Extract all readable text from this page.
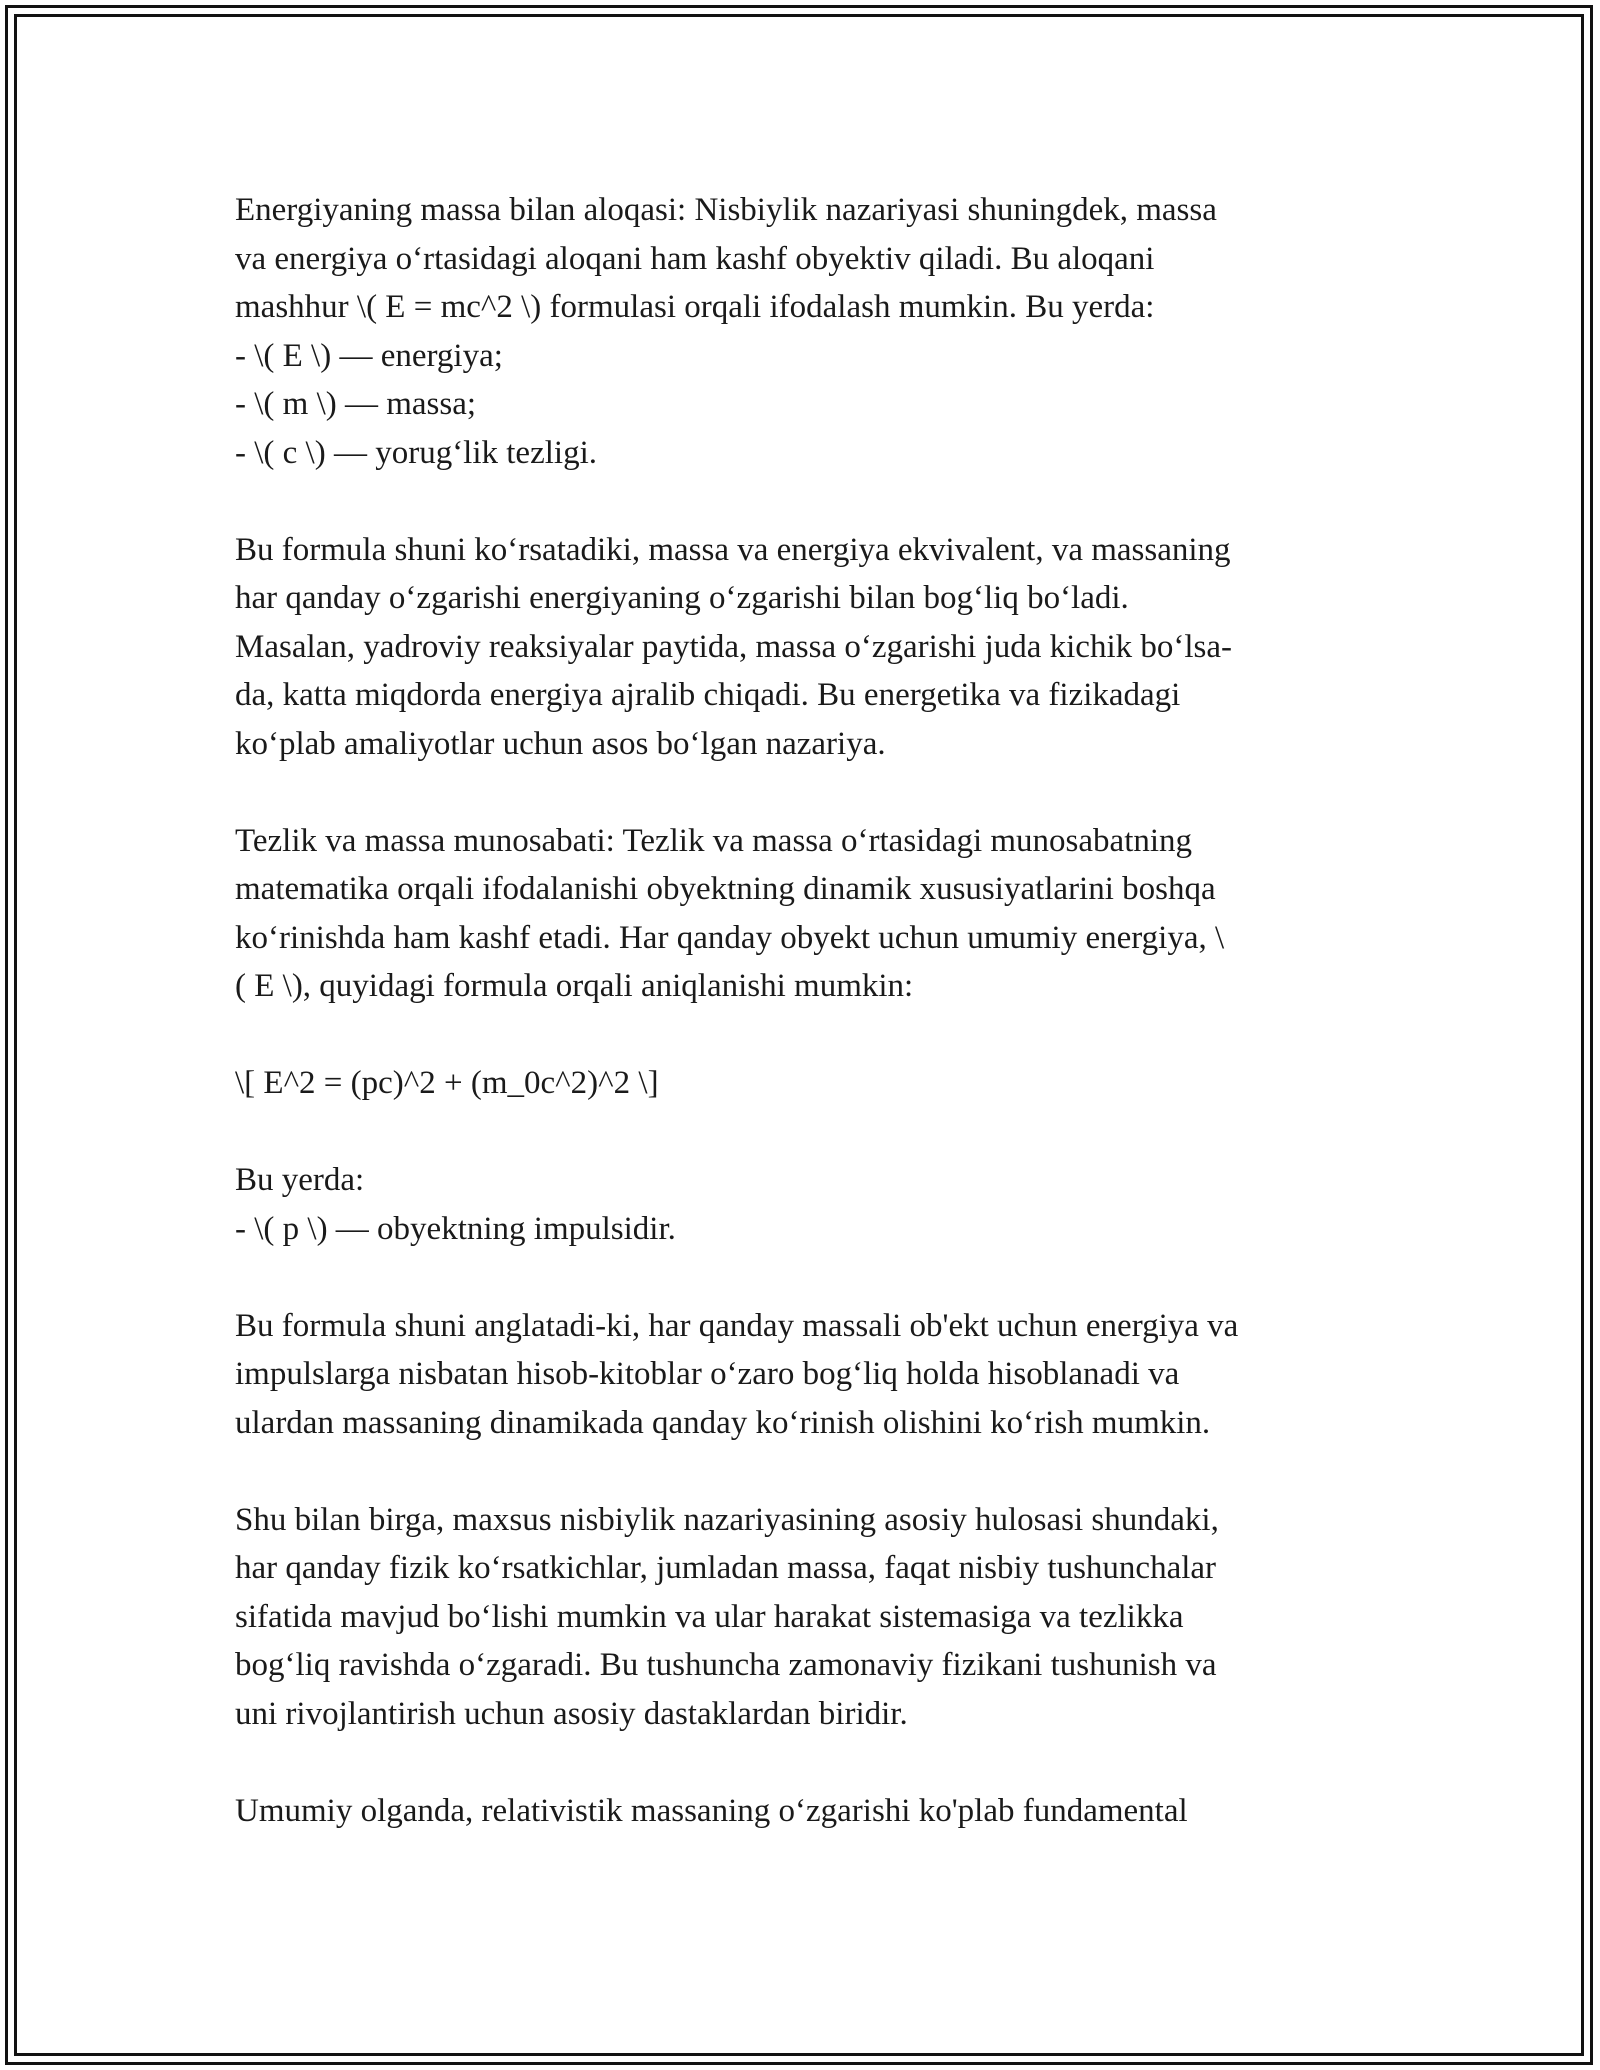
Energiyaning massa bilan aloqasi: Nisbiylik nazariyasi shuningdek, massa
va energiya o‘rtasidagi aloqani ham kashf obyektiv qiladi. Bu aloqani
mashhur \( E = mc^2 \) formulasi orqali ifodalash mumkin. Bu yerda:
- \( E \) — energiya;
- \( m \) — massa;
- \( c \) — yorug‘lik tezligi.
Bu formula shuni ko‘rsatadiki, massa va energiya ekvivalent, va massaning
har qanday o‘zgarishi energiyaning o‘zgarishi bilan bog‘liq bo‘ladi.
Masalan, yadroviy reaksiyalar paytida, massa o‘zgarishi juda kichik bo‘lsa-
da, katta miqdorda energiya ajralib chiqadi. Bu energetika va fizikadagi
ko‘plab amaliyotlar uchun asos bo‘lgan nazariya.
Tezlik va massa munosabati: Tezlik va massa o‘rtasidagi munosabatning
matematika orqali ifodalanishi obyektning dinamik xususiyatlarini boshqa
ko‘rinishda ham kashf etadi. Har qanday obyekt uchun umumiy energiya, \
( E \), quyidagi formula orqali aniqlanishi mumkin:
\[ E^2 = (pc)^2 + (m_0c^2)^2 \]
Bu yerda:
- \( p \) — obyektning impulsidir.
Bu formula shuni anglatadi-ki, har qanday massali ob'ekt uchun energiya va
impulslarga nisbatan hisob-kitoblar o‘zaro bog‘liq holda hisoblanadi va
ulardan massaning dinamikada qanday ko‘rinish olishini ko‘rish mumkin.
Shu bilan birga, maxsus nisbiylik nazariyasining asosiy hulosasi shundaki,
har qanday fizik ko‘rsatkichlar, jumladan massa, faqat nisbiy tushunchalar
sifatida mavjud bo‘lishi mumkin va ular harakat sistemasiga va tezlikka
bog‘liq ravishda o‘zgaradi. Bu tushuncha zamonaviy fizikani tushunish va
uni rivojlantirish uchun asosiy dastaklardan biridir.
Umumiy olganda, relativistik massaning o‘zgarishi ko'plab fundamental
